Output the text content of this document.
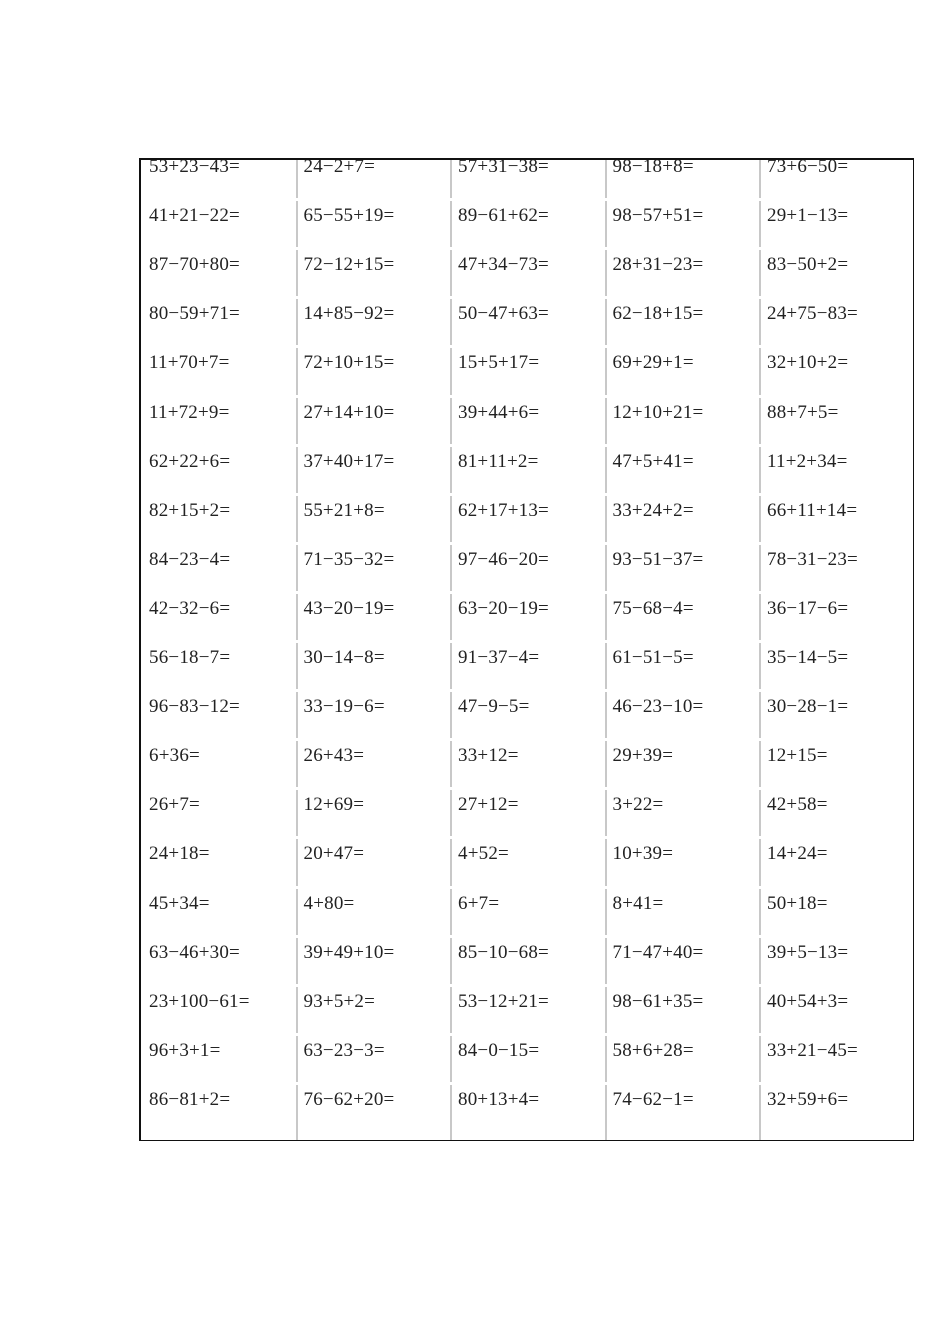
53+23−43=
41+21−22=
87−70+80=
80−59+71=
11+70+7=
11+72+9=
62+22+6=
82+15+2=
84−23−4=
42−32−6=
56−18−7=
96−83−12=
6+36=
26+7=
24+18=
45+34=
63−46+30=
23+100−61=
96+3+1=
86−81+2=
24−2+7=
65−55+19=
72−12+15=
14+85−92=
72+10+15=
27+14+10=
37+40+17=
55+21+8=
71−35−32=
43−20−19=
30−14−8=
33−19−6=
26+43=
12+69=
20+47=
4+80=
39+49+10=
93+5+2=
63−23−3=
76−62+20=
57+31−38=
89−61+62=
47+34−73=
50−47+63=
15+5+17=
39+44+6=
81+11+2=
62+17+13=
97−46−20=
63−20−19=
91−37−4=
47−9−5=
33+12=
27+12=
4+52=
6+7=
85−10−68=
53−12+21=
84−0−15=
80+13+4=
98−18+8=
98−57+51=
28+31−23=
62−18+15=
69+29+1=
12+10+21=
47+5+41=
33+24+2=
93−51−37=
75−68−4=
61−51−5=
46−23−10=
29+39=
3+22=
10+39=
8+41=
71−47+40=
98−61+35=
58+6+28=
74−62−1=
73+6−50=
29+1−13=
83−50+2=
24+75−83=
32+10+2=
88+7+5=
11+2+34=
66+11+14=
78−31−23=
36−17−6=
35−14−5=
30−28−1=
12+15=
42+58=
14+24=
50+18=
39+5−13=
40+54+3=
33+21−45=
32+59+6=
